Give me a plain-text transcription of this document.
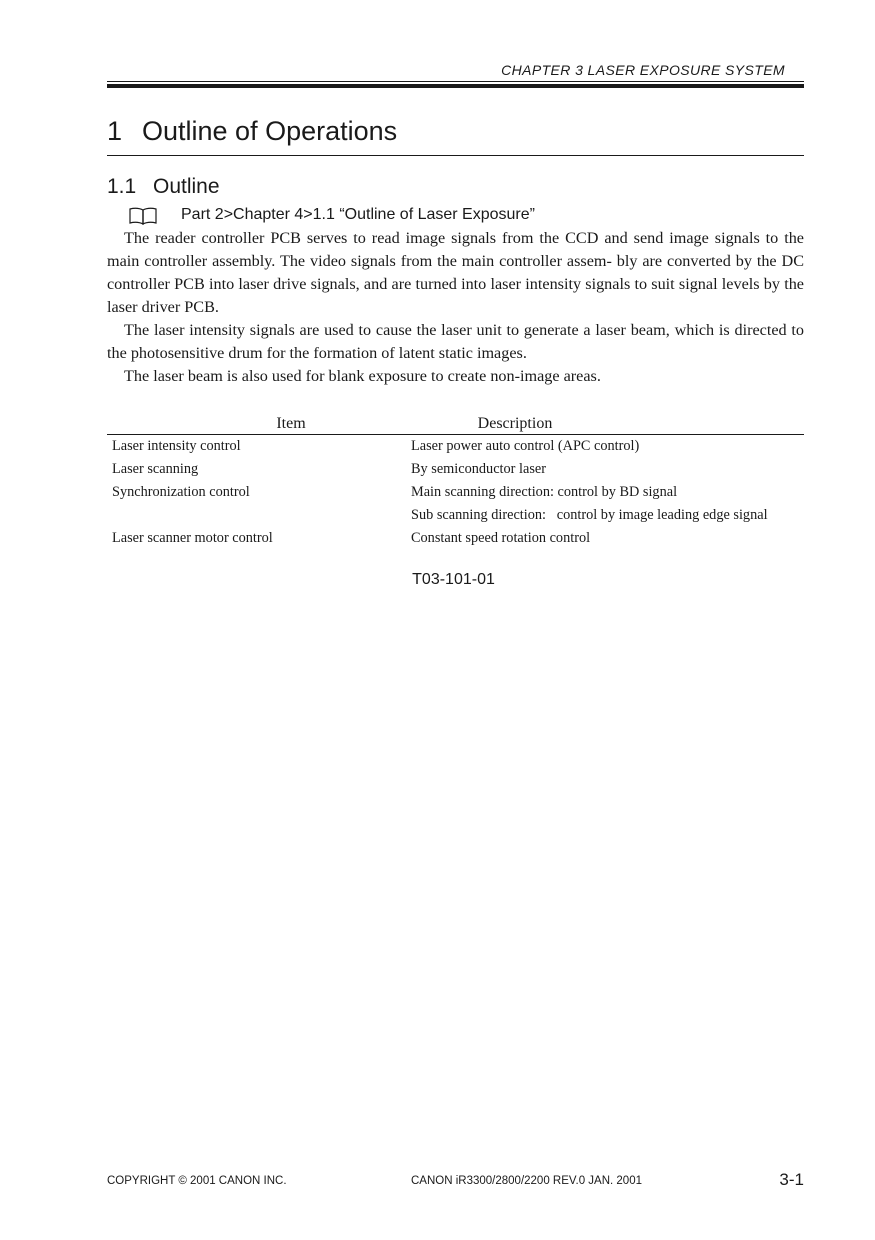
CHAPTER 3 LASER EXPOSURE SYSTEM
1 Outline of Operations
1.1 Outline
Part 2>Chapter 4>1.1 “Outline of Laser Exposure”

The reader controller PCB serves to read image signals from the CCD and send image signals to the main controller assembly. The video signals from the main controller assem- bly are converted by the DC controller PCB into laser drive signals, and are turned into laser intensity signals to suit signal levels by the laser driver PCB.

The laser intensity signals are used to cause the laser unit to generate a laser beam, which is directed to the photosensitive drum for the formation of latent static images.

The laser beam is also used for blank exposure to create non-image areas.

Item	Description
Laser intensity control	Laser power auto control (APC control)
Laser scanning	By semiconductor laser
Synchronization control	Main scanning direction: control by BD signal
	Sub scanning direction:   control by image leading edge signal
Laser scanner motor control	Constant speed rotation control
T03-101-01
COPYRIGHT © 2001 CANON INC.	CANON iR3300/2800/2200 REV.0 JAN. 2001	3-1
